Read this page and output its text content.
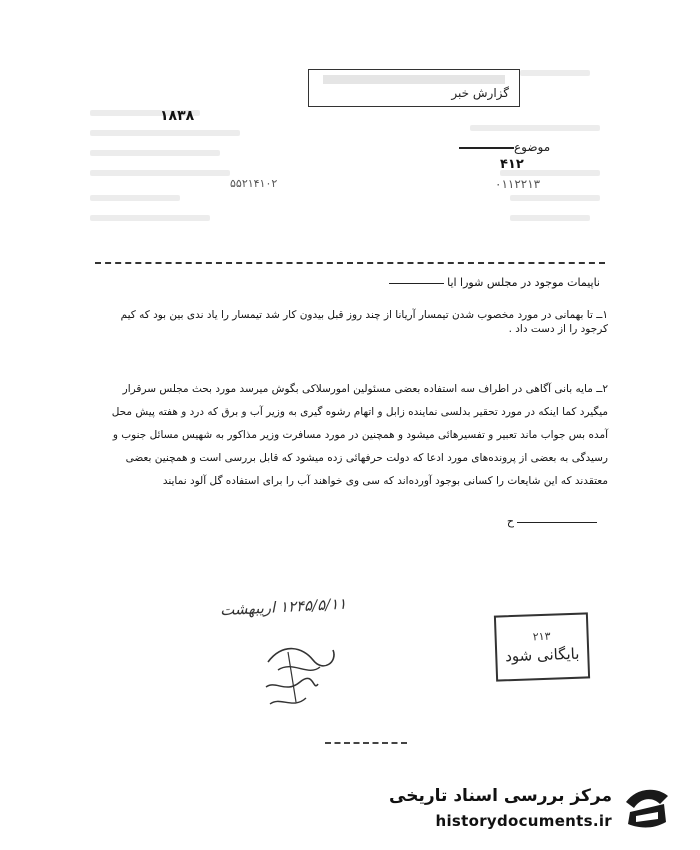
گزارش خبر
۱۸۳۸
موضوع
۴۱۲
۰۱۱۲۲۱۳
۵۵۲۱۴۱۰۲
ناپیمات موجود در مجلس شورا ایا
۱ــ تا بهمانی در مورد مخصوب شدن تیمسار آریانا از چند روز قبل بیدون کار شد تیمسار را یاد ندی بین بود که کیم کرجود را از دست داد .
۲ــ مایه بانی آگاهی در اطراف سه استفاده بعضی مسئولین امورسلاکی بگوش میرسد مورد بحث مجلس سرقرار میگیرد کما اینکه در مورد تحقیر بدلسی نماینده زابل و اتهام رشوه گیری به وزیر آب و برق که درد و هفته پیش محل آمده بس جواب ماند تعبیر و تفسیرهائی میشود و همچنین در مورد مسافرت وزیر مذاکور به شهیس مسائل جنوب و رسیدگی به بعضی از پرونده‌های مورد ادعا که دولت حرفهائی زده میشود که قابل بررسی است و همچنین بعضی معتقدند که این شایعات را کسانی بوجود آورده‌اند که سی وی خواهند آب را برای استفاده گل آلود نمایند
ح
۱۲۴۵/۵/۱۱ اریبهشت
۲۱۳
بایگانی شود
مرکز بررسی اسناد تاریخی
historydocuments.ir
